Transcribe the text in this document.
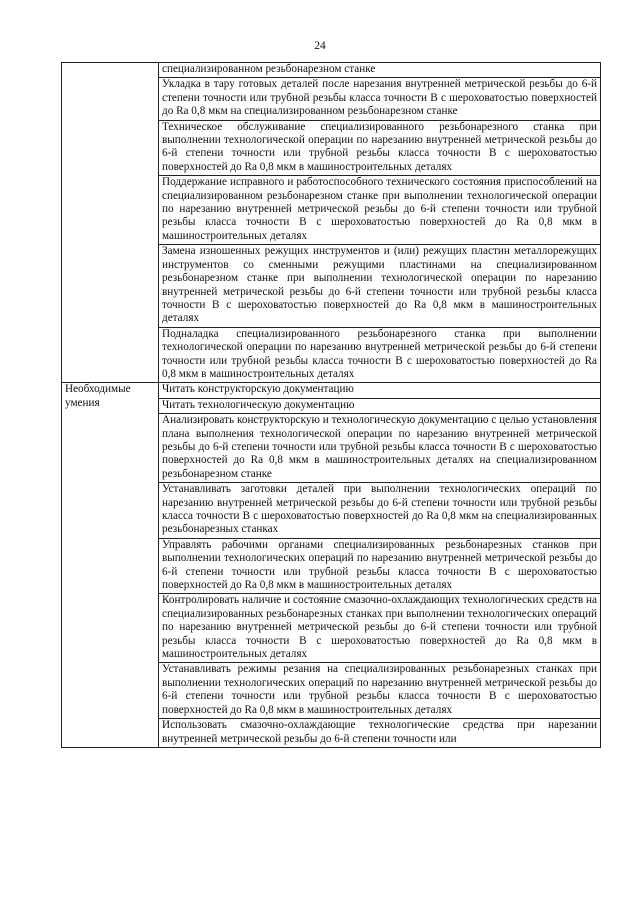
24
	специализированном резьбонарезном станке
	Укладка в тару готовых деталей после нарезания внутренней метрической резьбы до 6-й степени точности или трубной резьбы класса точности В с шероховатостью поверхностей до Ra 0,8 мкм на специализированном резьбонарезном станке
	Техническое обслуживание специализированного резьбонарезного станка при выполнении технологической операции по нарезанию внутренней метрической резьбы до 6-й степени точности или трубной резьбы класса точности В с шероховатостью поверхностей до Ra 0,8 мкм в машиностроительных деталях
	Поддержание исправного и работоспособного технического состояния приспособлений на специализированном резьбонарезном станке при выполнении технологической операции по нарезанию внутренней метрической резьбы до 6-й степени точности или трубной резьбы класса точности В с шероховатостью поверхностей до Ra 0,8 мкм в машиностроительных деталях
	Замена изношенных режущих инструментов и (или) режущих пластин металлорежущих инструментов со сменными режущими пластинами на специализированном резьбонарезном станке при выполнении технологической операции по нарезанию внутренней метрической резьбы до 6-й степени точности или трубной резьбы класса точности В с шероховатостью поверхностей до Ra 0,8 мкм в машиностроительных деталях
	Подналадка специализированного резьбонарезного станка при выполнении технологической операции по нарезанию внутренней метрической резьбы до 6-й степени точности или трубной резьбы класса точности В с шероховатостью поверхностей до Ra 0,8 мкм в машиностроительных деталях
Необходимые умения	Читать конструкторскую документацию
	Читать технологическую документацию
	Анализировать конструкторскую и технологическую документацию с целью установления плана выполнения технологической операции по нарезанию внутренней метрической резьбы до 6-й степени точности или трубной резьбы класса точности В с шероховатостью поверхностей до Ra 0,8 мкм в машиностроительных деталях на специализированном резьбонарезном станке
	Устанавливать заготовки деталей при выполнении технологических операций по нарезанию внутренней метрической резьбы до 6-й степени точности или трубной резьбы класса точности В с шероховатостью поверхностей до Ra 0,8 мкм на специализированных резьбонарезных станках
	Управлять рабочими органами специализированных резьбонарезных станков при выполнении технологических операций по нарезанию внутренней метрической резьбы до 6-й степени точности или трубной резьбы класса точности В с шероховатостью поверхностей до Ra 0,8 мкм в машиностроительных деталях
	Контролировать наличие и состояние смазочно-охлаждающих технологических средств на специализированных резьбонарезных станках при выполнении технологических операций по нарезанию внутренней метрической резьбы до 6-й степени точности или трубной резьбы класса точности В с шероховатостью поверхностей до Ra 0,8 мкм в машиностроительных деталях
	Устанавливать режимы резания на специализированных резьбонарезных станках при выполнении технологических операций по нарезанию внутренней метрической резьбы до 6-й степени точности или трубной резьбы класса точности В с шероховатостью поверхностей до Ra 0,8 мкм в машиностроительных деталях
	Использовать смазочно-охлаждающие технологические средства при нарезании внутренней метрической резьбы до 6-й степени точности или
